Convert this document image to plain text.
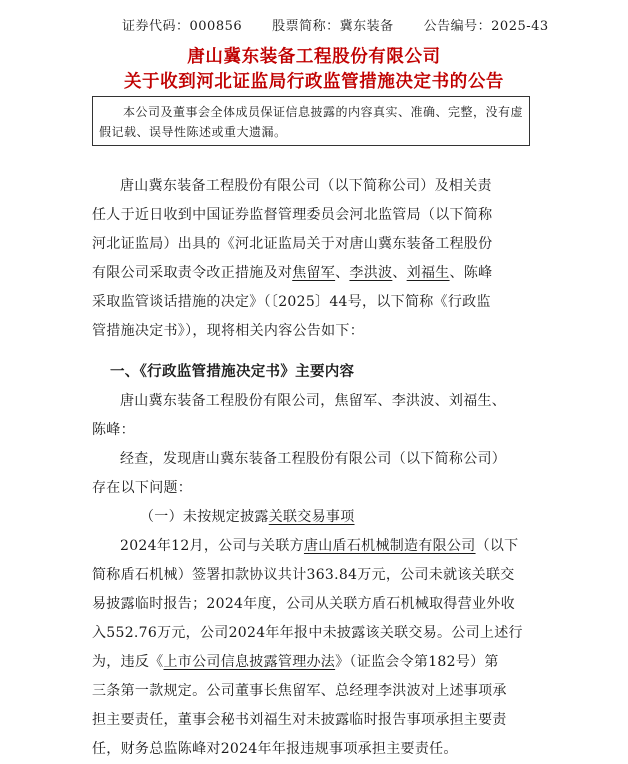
证券代码：000856 股票简称：冀东装备 公告编号：2025-43
唐山冀东装备工程股份有限公司
关于收到河北证监局行政监管措施决定书的公告
本公司及董事会全体成员保证信息披露的内容真实、准确、完整，没有虚假记载、误导性陈述或重大遗漏。
唐山冀东装备工程股份有限公司（以下简称公司）及相关责
任人于近日收到中国证券监督管理委员会河北监管局（以下简称
河北证监局）出具的《河北证监局关于对唐山冀东装备工程股份
有限公司采取责令改正措施及对焦留军、李洪波、刘福生、陈峰
采取监管谈话措施的决定》（〔2025〕44号，以下简称《行政监
管措施决定书》），现将相关内容公告如下：
一、《行政监管措施决定书》主要内容
唐山冀东装备工程股份有限公司，焦留军、李洪波、刘福生、
陈峰：
经查，发现唐山冀东装备工程股份有限公司（以下简称公司）
存在以下问题：
（一）未按规定披露关联交易事项
2024年12月，公司与关联方唐山盾石机械制造有限公司（以下
简称盾石机械）签署扣款协议共计363.84万元，公司未就该关联交
易披露临时报告；2024年度，公司从关联方盾石机械取得营业外收
入552.76万元，公司2024年年报中未披露该关联交易。公司上述行
为，违反《上市公司信息披露管理办法》（证监会令第182号）第
三条第一款规定。公司董事长焦留军、总经理李洪波对上述事项承
担主要责任，董事会秘书刘福生对未披露临时报告事项承担主要责
任，财务总监陈峰对2024年年报违规事项承担主要责任。
